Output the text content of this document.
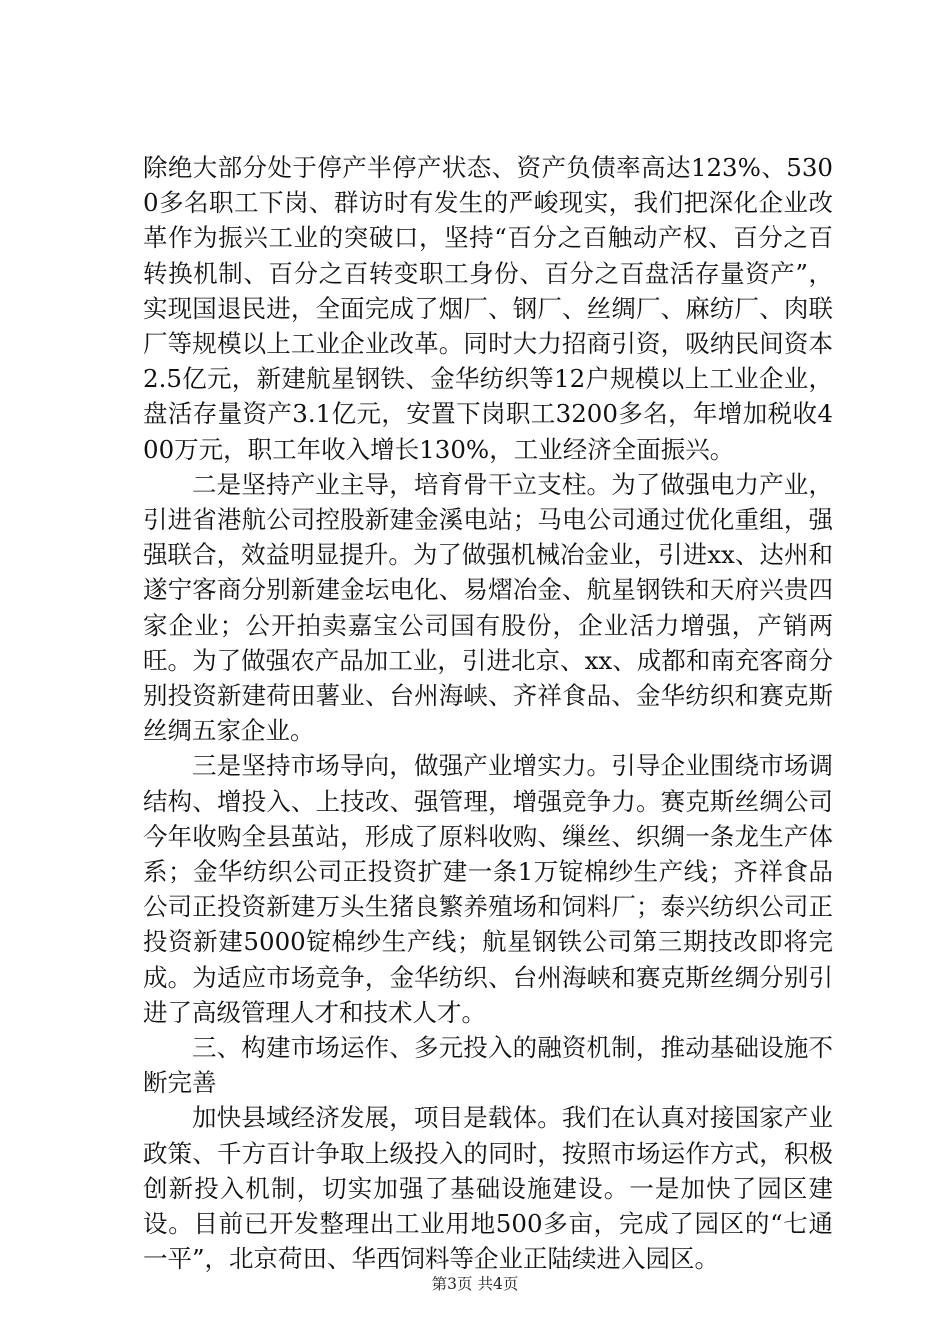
除绝大部分处于停产半停产状态、资产负债率高达123%、5300多名职工下岗、群访时有发生的严峻现实，我们把深化企业改革作为振兴工业的突破口，坚持“百分之百触动产权、百分之百转换机制、百分之百转变职工身份、百分之百盘活存量资产”，实现国退民进，全面完成了烟厂、钢厂、丝绸厂、麻纺厂、肉联厂等规模以上工业企业改革。同时大力招商引资，吸纳民间资本2.5亿元，新建航星钢铁、金华纺织等12户规模以上工业企业，盘活存量资产3.1亿元，安置下岗职工3200多名，年增加税收400万元，职工年收入增长130%，工业经济全面振兴。

二是坚持产业主导，培育骨干立支柱。为了做强电力产业，引进省港航公司控股新建金溪电站；马电公司通过优化重组，强强联合，效益明显提升。为了做强机械冶金业，引进xx、达州和遂宁客商分别新建金坛电化、易熠冶金、航星钢铁和天府兴贵四家企业；公开拍卖嘉宝公司国有股份，企业活力增强，产销两旺。为了做强农产品加工业，引进北京、xx、成都和南充客商分别投资新建荷田薯业、台州海峡、齐祥食品、金华纺织和赛克斯丝绸五家企业。

三是坚持市场导向，做强产业增实力。引导企业围绕市场调结构、增投入、上技改、强管理，增强竞争力。赛克斯丝绸公司今年收购全县茧站，形成了原料收购、缫丝、织绸一条龙生产体系；金华纺织公司正投资扩建一条1万锭棉纱生产线；齐祥食品公司正投资新建万头生猪良繁养殖场和饲料厂；泰兴纺织公司正投资新建5000锭棉纱生产线；航星钢铁公司第三期技改即将完成。为适应市场竞争，金华纺织、台州海峡和赛克斯丝绸分别引进了高级管理人才和技术人才。

三、构建市场运作、多元投入的融资机制，推动基础设施不断完善

加快县域经济发展，项目是载体。我们在认真对接国家产业政策、千方百计争取上级投入的同时，按照市场运作方式，积极创新投入机制，切实加强了基础设施建设。一是加快了园区建设。目前已开发整理出工业用地500多亩，完成了园区的“七通一平”，北京荷田、华西饲料等企业正陆续进入园区。

第3页 共4页
